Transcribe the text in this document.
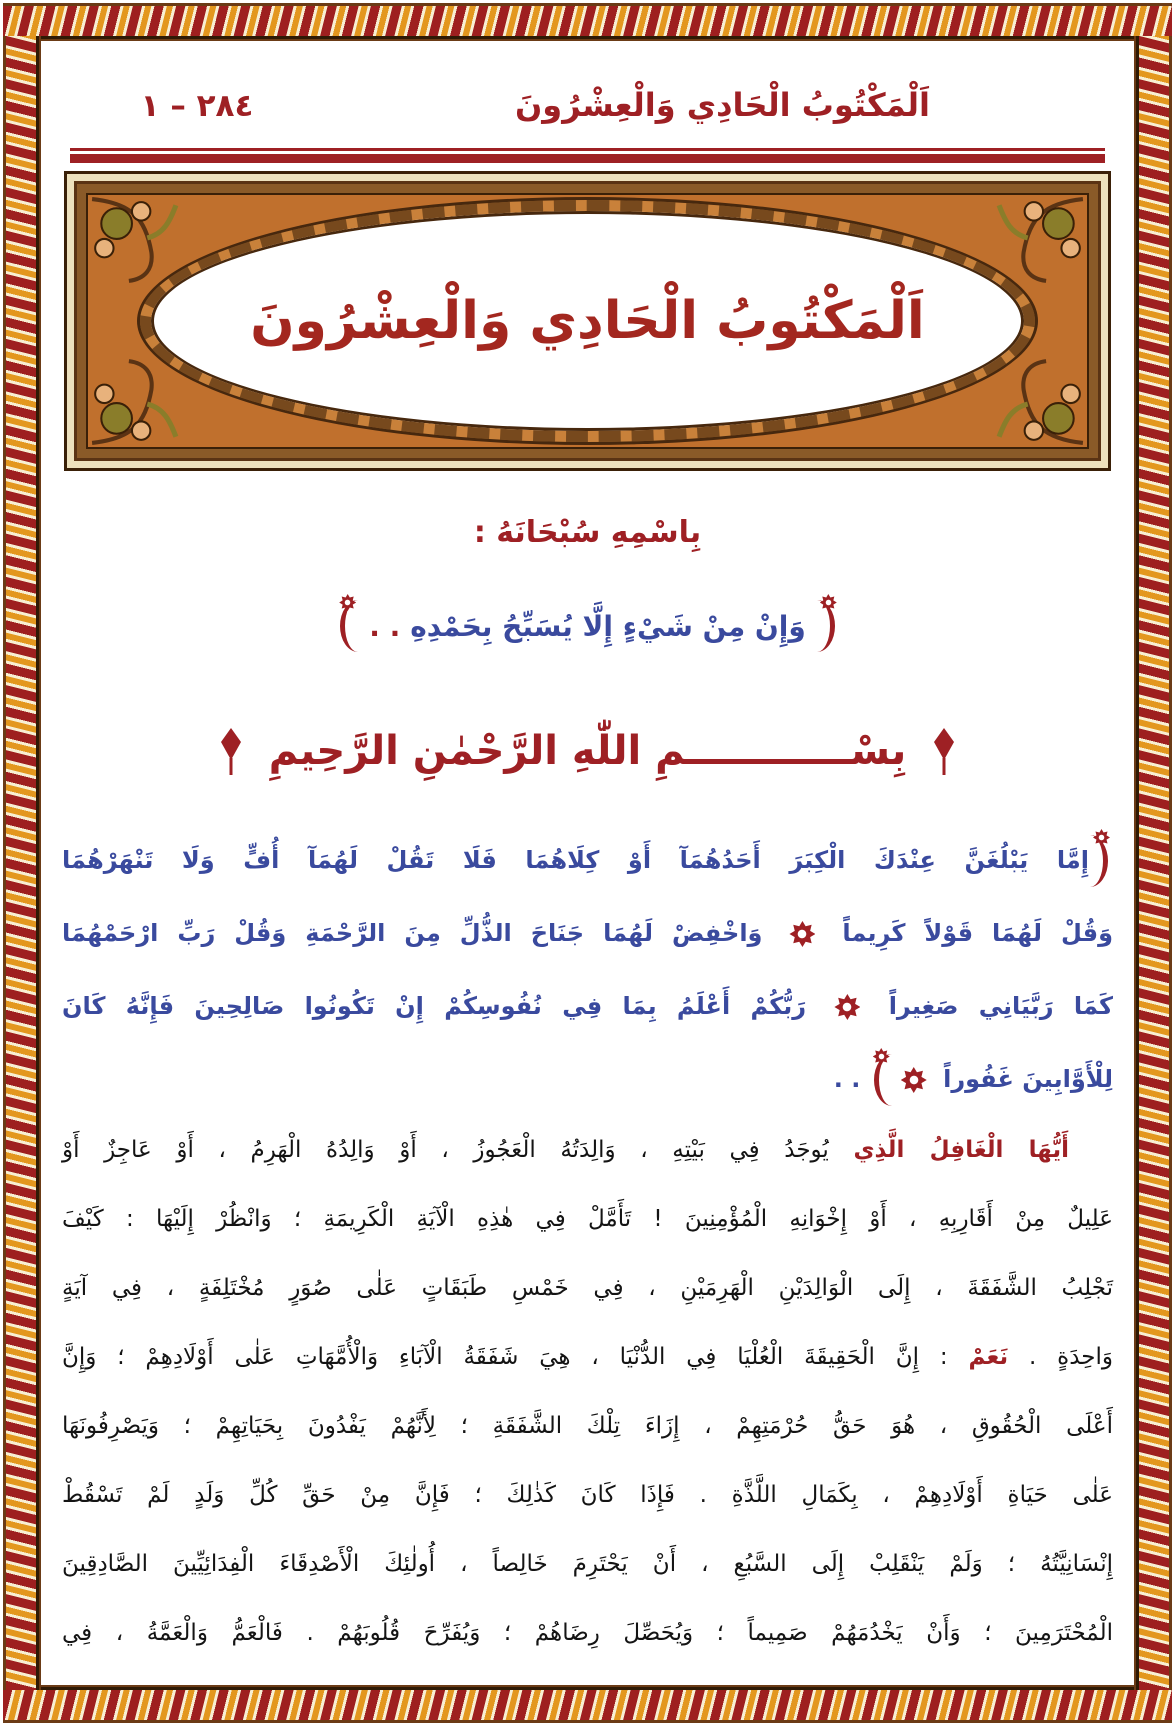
اَلْمَكْتُوبُ الْحَادِي وَالْعِشْرُونَ
٢٨٤ – ١
اَلْمَكْتُوبُ الْحَادِي وَالْعِشْرُونَ
بِاسْمِهِ سُبْحَانَهُ :
وَإِنْ مِنْ شَيْءٍ إِلَّا يُسَبِّحُ بِحَمْدِهِ
. .
بِسْــــــــــــمِ اللّٰهِ الرَّحْمٰنِ الرَّحِيمِ
إِمَّا يَبْلُغَنَّ عِنْدَكَ الْكِبَرَ أَحَدُهُمَآ أَوْ كِلَاهُمَا فَلَا تَقُلْ لَهُمَآ أُفٍّ وَلَا تَنْهَرْهُمَا
وَقُلْ لَهُمَا قَوْلاً كَرِيماً  وَاخْفِضْ لَهُمَا جَنَاحَ الذُّلِّ مِنَ الرَّحْمَةِ وَقُلْ رَبِّ ارْحَمْهُمَا
كَمَا رَبَّيَانِي صَغِيراً  رَبُّكُمْ أَعْلَمُ بِمَا فِي نُفُوسِكُمْ إِنْ تَكُونُوا صَالِحِينَ فَإِنَّهُ كَانَ
لِلْأَوَّابِينَ غَفُوراً  . .
أَيُّهَا الْغَافِلُ الَّذِي يُوجَدُ فِي بَيْتِهِ ، وَالِدَتُهُ الْعَجُوزُ ، أَوْ وَالِدُهُ الْهَرِمُ ، أَوْ عَاجِزٌ أَوْ
عَلِيلٌ مِنْ أَقَارِبِهِ ، أَوْ إِخْوَانِهِ الْمُؤْمِنِينَ ! تَأَمَّلْ فِي هٰذِهِ الْآيَةِ الْكَرِيمَةِ ؛ وَانْظُرْ إِلَيْهَا : كَيْفَ
تَجْلِبُ الشَّفَقَةَ ، إِلَى الْوَالِدَيْنِ الْهَرِمَيْنِ ، فِي خَمْسِ طَبَقَاتٍ عَلٰى صُوَرٍ مُخْتَلِفَةٍ ، فِي آيَةٍ
وَاحِدَةٍ . نَعَمْ : إِنَّ الْحَقِيقَةَ الْعُلْيَا فِي الدُّنْيَا ، هِيَ شَفَقَةُ الْآبَاءِ وَالْأُمَّهَاتِ عَلٰى أَوْلَادِهِمْ ؛ وَإِنَّ
أَعْلَى الْحُقُوقِ ، هُوَ حَقُّ حُرْمَتِهِمْ ، إِزَاءَ تِلْكَ الشَّفَقَةِ ؛ لِأَنَّهُمْ يَفْدُونَ بِحَيَاتِهِمْ ؛ وَيَصْرِفُونَهَا
عَلٰى حَيَاةِ أَوْلَادِهِمْ ، بِكَمَالِ اللَّذَّةِ . فَإِذَا كَانَ كَذٰلِكَ ؛ فَإِنَّ مِنْ حَقِّ كُلِّ وَلَدٍ لَمْ تَسْقُطْ
إِنْسَانِيَّتُهُ ؛ وَلَمْ يَنْقَلِبْ إِلَى السَّبُعِ ، أَنْ يَحْتَرِمَ خَالِصاً ، أُولٰئِكَ الْأَصْدِقَاءَ الْفِدَائِيِّينَ الصَّادِقِينَ
الْمُحْتَرَمِينَ ؛ وَأَنْ يَخْدُمَهُمْ صَمِيماً ؛ وَيُحَصِّلَ رِضَاهُمْ ؛ وَيُفَرِّحَ قُلُوبَهُمْ . فَالْعَمُّ وَالْعَمَّةُ ، فِي
